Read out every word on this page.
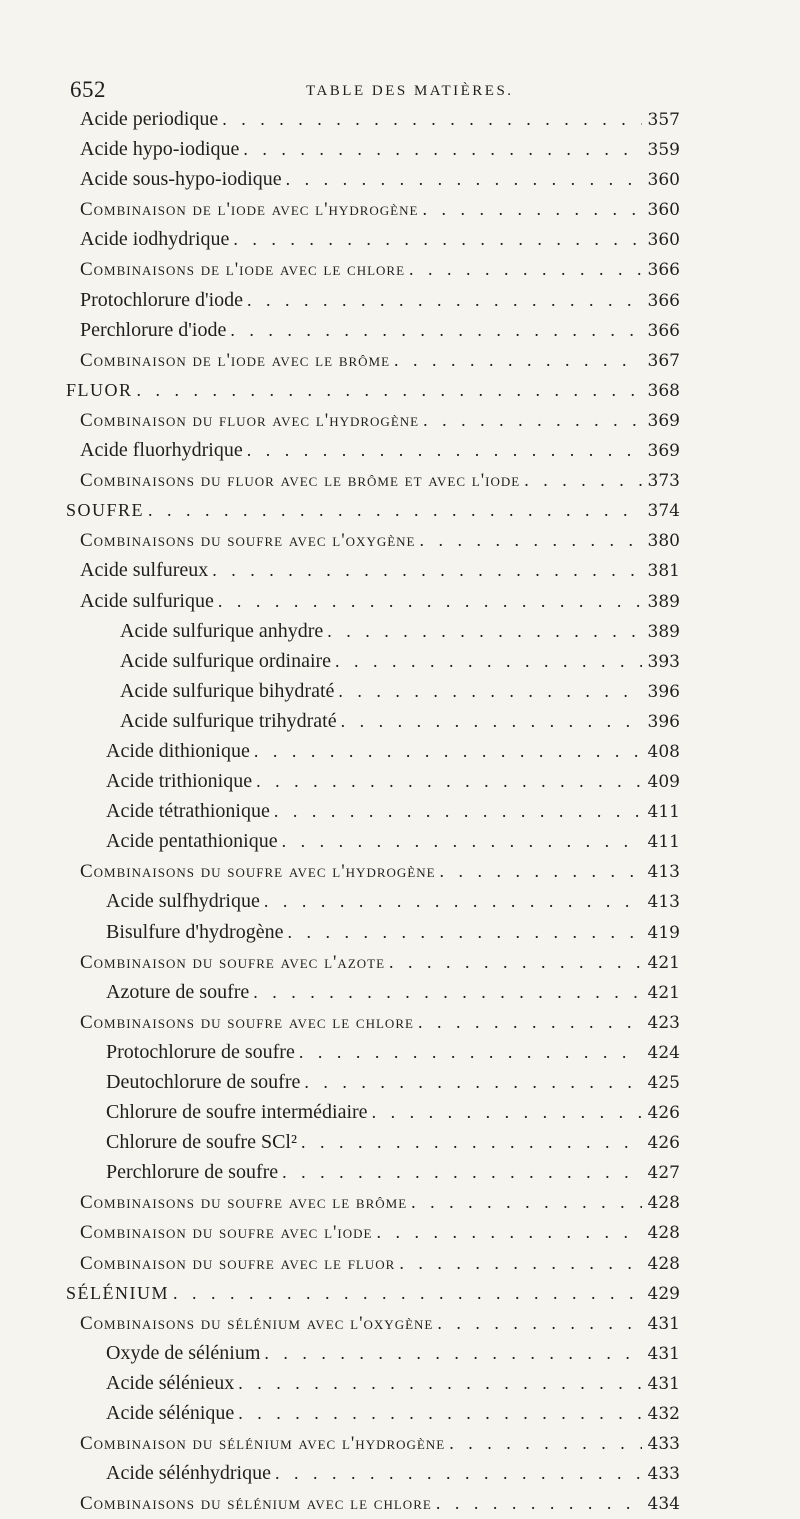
652	TABLE DES MATIÈRES.
Acide periodique . . .	357
Acide hypo-iodique . . .	359
Acide sous-hypo-iodique . . .	360
Combinaison de l'iode avec l'hydrogène . . .	360
Acide iodhydrique . . .	360
Combinaisons de l'iode avec le chlore . . .	366
Protochlorure d'iode . . .	366
Perchlorure d'iode . . .	366
Combinaison de l'iode avec le brôme . . .	367
FLUOR . . .	368
Combinaison du fluor avec l'hydrogène . . .	369
Acide fluorhydrique . . .	369
Combinaisons du fluor avec le brôme et avec l'iode . . .	373
SOUFRE . . .	374
Combinaisons du soufre avec l'oxygène . . .	380
Acide sulfureux . . .	381
Acide sulfurique . . .	389
Acide sulfurique anhydre . . .	389
Acide sulfurique ordinaire . . .	393
Acide sulfurique bihydraté . . .	396
Acide sulfurique trihydraté . . .	396
Acide dithionique . . .	408
Acide trithionique . . .	409
Acide tétrathionique . . .	411
Acide pentathionique . . .	411
Combinaisons du soufre avec l'hydrogène . . .	413
Acide sulfhydrique . . .	413
Bisulfure d'hydrogène . . .	419
Combinaison du soufre avec l'azote . . .	421
Azoture de soufre . . .	421
Combinaisons du soufre avec le chlore . . .	423
Protochlorure de soufre . . .	424
Deutochlorure de soufre . . .	425
Chlorure de soufre intermédiaire . . .	426
Chlorure de soufre SCl² . . .	426
Perchlorure de soufre . . .	427
Combinaisons du soufre avec le brôme . . .	428
Combinaison du soufre avec l'iode . . .	428
Combinaison du soufre avec le fluor . . .	428
SÉLÉNIUM . . .	429
Combinaisons du sélénium avec l'oxygène . . .	431
Oxyde de sélénium . . .	431
Acide sélénieux . . .	431
Acide sélénique . . .	432
Combinaison du sélénium avec l'hydrogène . . .	433
Acide sélénhydrique . . .	433
Combinaisons du sélénium avec le chlore . . .	434
